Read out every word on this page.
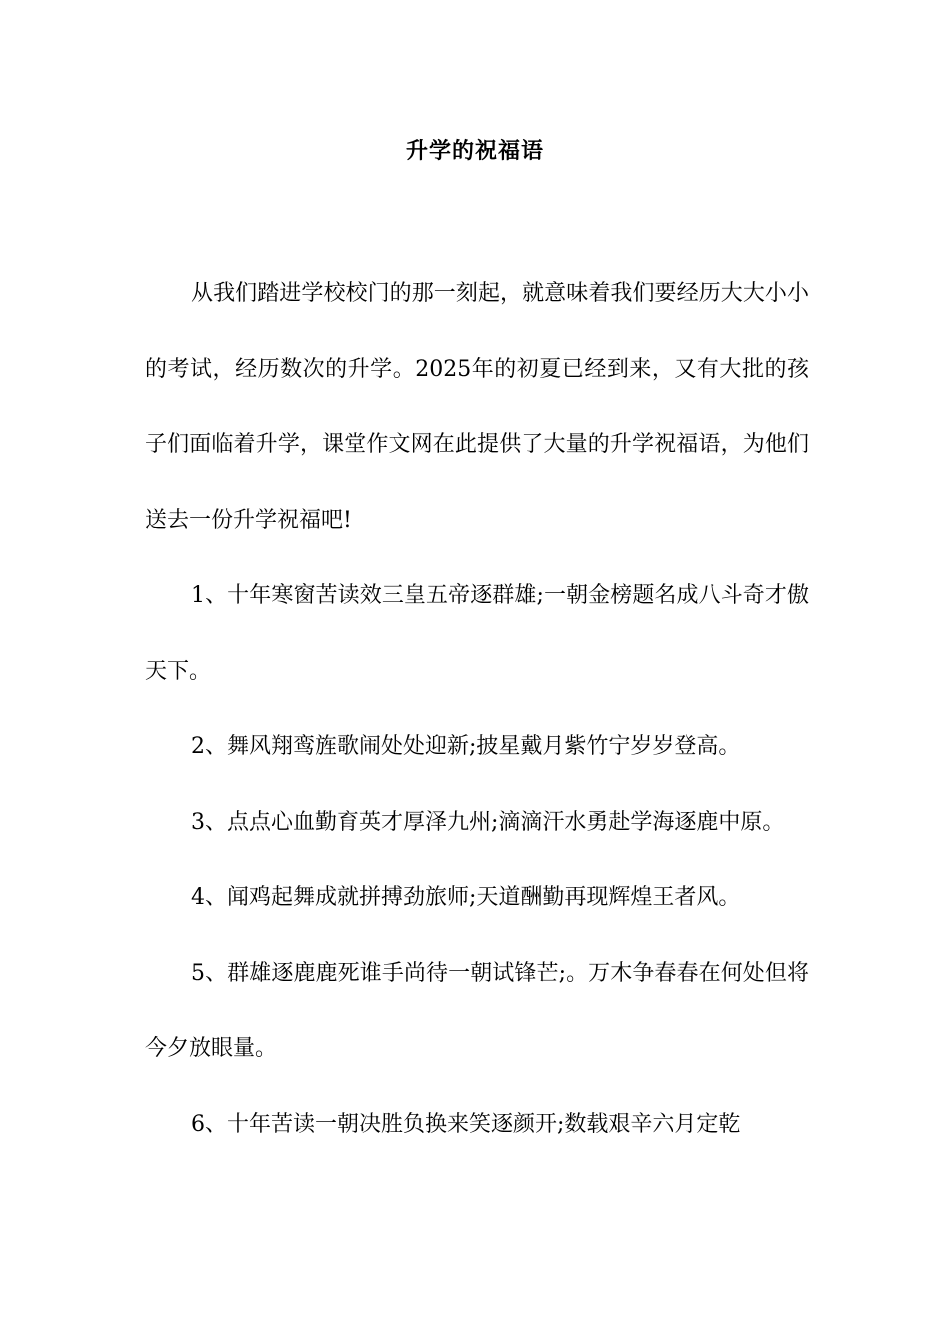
升学的祝福语

从我们踏进学校校门的那一刻起，就意味着我们要经历大大小小的考试，经历数次的升学。2025年的初夏已经到来，又有大批的孩子们面临着升学，课堂作文网在此提供了大量的升学祝福语，为他们送去一份升学祝福吧!

1、十年寒窗苦读效三皇五帝逐群雄;一朝金榜题名成八斗奇才傲天下。

2、舞风翔鸾旌歌闹处处迎新;披星戴月紫竹宁岁岁登高。

3、点点心血勤育英才厚泽九州;滴滴汗水勇赴学海逐鹿中原。

4、闻鸡起舞成就拼搏劲旅师;天道酬勤再现辉煌王者风。

5、群雄逐鹿鹿死谁手尚待一朝试锋芒;。万木争春春在何处但将今夕放眼量。

6、十年苦读一朝决胜负换来笑逐颜开;数载艰辛六月定乾
